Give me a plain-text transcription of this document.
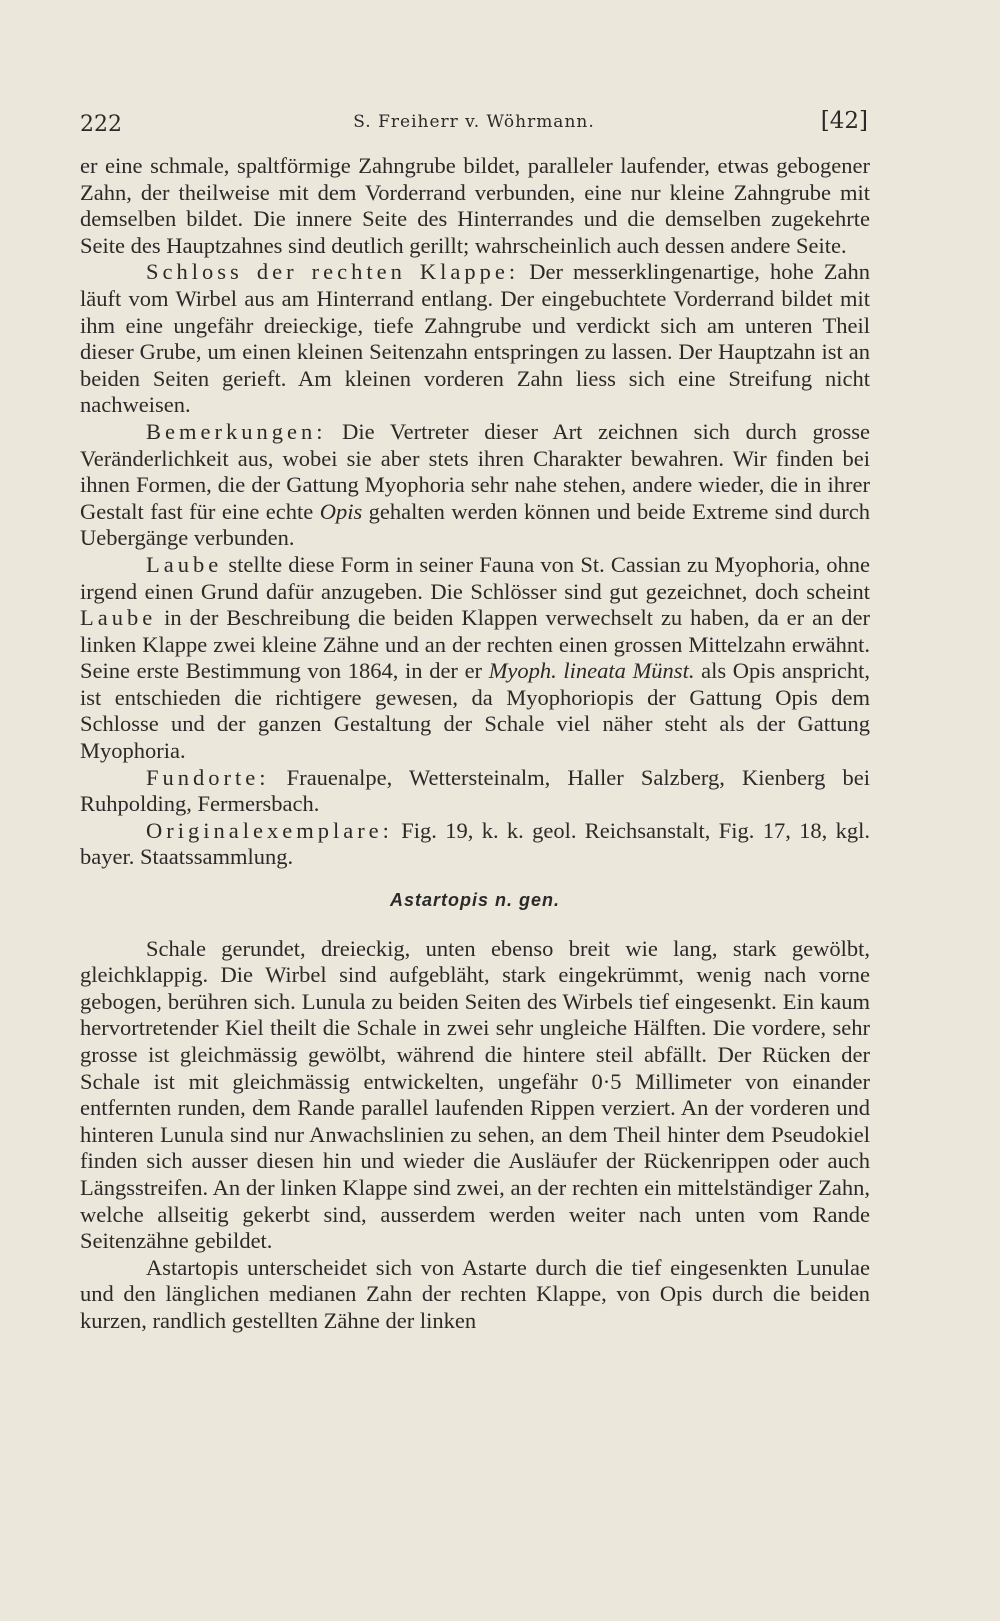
222	S. Freiherr v. Wöhrmann.	[42]

er eine schmale, spaltförmige Zahngrube bildet, paralleler laufender, etwas gebogener Zahn, der theilweise mit dem Vorderrand verbunden, eine nur kleine Zahngrube mit demselben bildet. Die innere Seite des Hinterrandes und die demselben zugekehrte Seite des Hauptzahnes sind deutlich gerillt; wahrscheinlich auch dessen andere Seite.

Schloss der rechten Klappe: Der messerklingenartige, hohe Zahn läuft vom Wirbel aus am Hinterrand entlang. Der eingebuchtete Vorderrand bildet mit ihm eine ungefähr dreieckige, tiefe Zahngrube und verdickt sich am unteren Theil dieser Grube, um einen kleinen Seitenzahn entspringen zu lassen. Der Hauptzahn ist an beiden Seiten gerieft. Am kleinen vorderen Zahn liess sich eine Streifung nicht nachweisen.

Bemerkungen: Die Vertreter dieser Art zeichnen sich durch grosse Veränderlichkeit aus, wobei sie aber stets ihren Charakter bewahren. Wir finden bei ihnen Formen, die der Gattung Myophoria sehr nahe stehen, andere wieder, die in ihrer Gestalt fast für eine echte Opis gehalten werden können und beide Extreme sind durch Uebergänge verbunden.

Laube stellte diese Form in seiner Fauna von St. Cassian zu Myophoria, ohne irgend einen Grund dafür anzugeben. Die Schlösser sind gut gezeichnet, doch scheint Laube in der Beschreibung die beiden Klappen verwechselt zu haben, da er an der linken Klappe zwei kleine Zähne und an der rechten einen grossen Mittelzahn erwähnt. Seine erste Bestimmung von 1864, in der er Myoph. lineata Münst. als Opis anspricht, ist entschieden die richtigere gewesen, da Myophoriopis der Gattung Opis dem Schlosse und der ganzen Gestaltung der Schale viel näher steht als der Gattung Myophoria.

Fundorte: Frauenalpe, Wettersteinalm, Haller Salzberg, Kienberg bei Ruhpolding, Fermersbach.

Originalexemplare: Fig. 19, k. k. geol. Reichsanstalt, Fig. 17, 18, kgl. bayer. Staatssammlung.

Astartopis n. gen.

Schale gerundet, dreieckig, unten ebenso breit wie lang, stark gewölbt, gleichklappig. Die Wirbel sind aufgebläht, stark eingekrümmt, wenig nach vorne gebogen, berühren sich. Lunula zu beiden Seiten des Wirbels tief eingesenkt. Ein kaum hervortretender Kiel theilt die Schale in zwei sehr ungleiche Hälften. Die vordere, sehr grosse ist gleichmässig gewölbt, während die hintere steil abfällt. Der Rücken der Schale ist mit gleichmässig entwickelten, ungefähr 0·5 Millimeter von einander entfernten runden, dem Rande parallel laufenden Rippen verziert. An der vorderen und hinteren Lunula sind nur Anwachslinien zu sehen, an dem Theil hinter dem Pseudokiel finden sich ausser diesen hin und wieder die Ausläufer der Rückenrippen oder auch Längsstreifen. An der linken Klappe sind zwei, an der rechten ein mittelständiger Zahn, welche allseitig gekerbt sind, ausserdem werden weiter nach unten vom Rande Seitenzähne gebildet.

Astartopis unterscheidet sich von Astarte durch die tief eingesenkten Lunulae und den länglichen medianen Zahn der rechten Klappe, von Opis durch die beiden kurzen, randlich gestellten Zähne der linken
